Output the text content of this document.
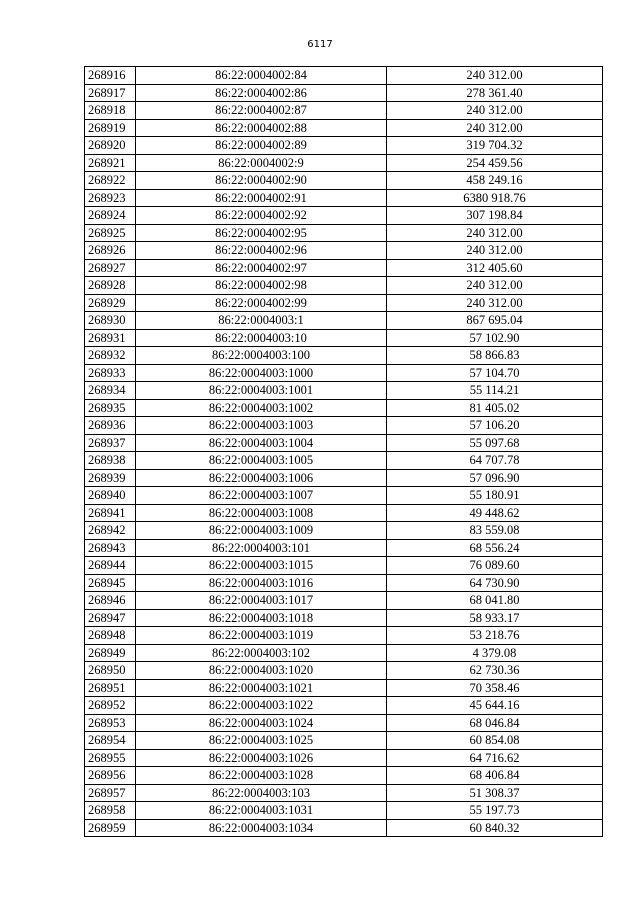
6117
268916	86:22:0004002:84	240 312.00
268917	86:22:0004002:86	278 361.40
268918	86:22:0004002:87	240 312.00
268919	86:22:0004002:88	240 312.00
268920	86:22:0004002:89	319 704.32
268921	86:22:0004002:9	254 459.56
268922	86:22:0004002:90	458 249.16
268923	86:22:0004002:91	6380 918.76
268924	86:22:0004002:92	307 198.84
268925	86:22:0004002:95	240 312.00
268926	86:22:0004002:96	240 312.00
268927	86:22:0004002:97	312 405.60
268928	86:22:0004002:98	240 312.00
268929	86:22:0004002:99	240 312.00
268930	86:22:0004003:1	867 695.04
268931	86:22:0004003:10	57 102.90
268932	86:22:0004003:100	58 866.83
268933	86:22:0004003:1000	57 104.70
268934	86:22:0004003:1001	55 114.21
268935	86:22:0004003:1002	81 405.02
268936	86:22:0004003:1003	57 106.20
268937	86:22:0004003:1004	55 097.68
268938	86:22:0004003:1005	64 707.78
268939	86:22:0004003:1006	57 096.90
268940	86:22:0004003:1007	55 180.91
268941	86:22:0004003:1008	49 448.62
268942	86:22:0004003:1009	83 559.08
268943	86:22:0004003:101	68 556.24
268944	86:22:0004003:1015	76 089.60
268945	86:22:0004003:1016	64 730.90
268946	86:22:0004003:1017	68 041.80
268947	86:22:0004003:1018	58 933.17
268948	86:22:0004003:1019	53 218.76
268949	86:22:0004003:102	4 379.08
268950	86:22:0004003:1020	62 730.36
268951	86:22:0004003:1021	70 358.46
268952	86:22:0004003:1022	45 644.16
268953	86:22:0004003:1024	68 046.84
268954	86:22:0004003:1025	60 854.08
268955	86:22:0004003:1026	64 716.62
268956	86:22:0004003:1028	68 406.84
268957	86:22:0004003:103	51 308.37
268958	86:22:0004003:1031	55 197.73
268959	86:22:0004003:1034	60 840.32
